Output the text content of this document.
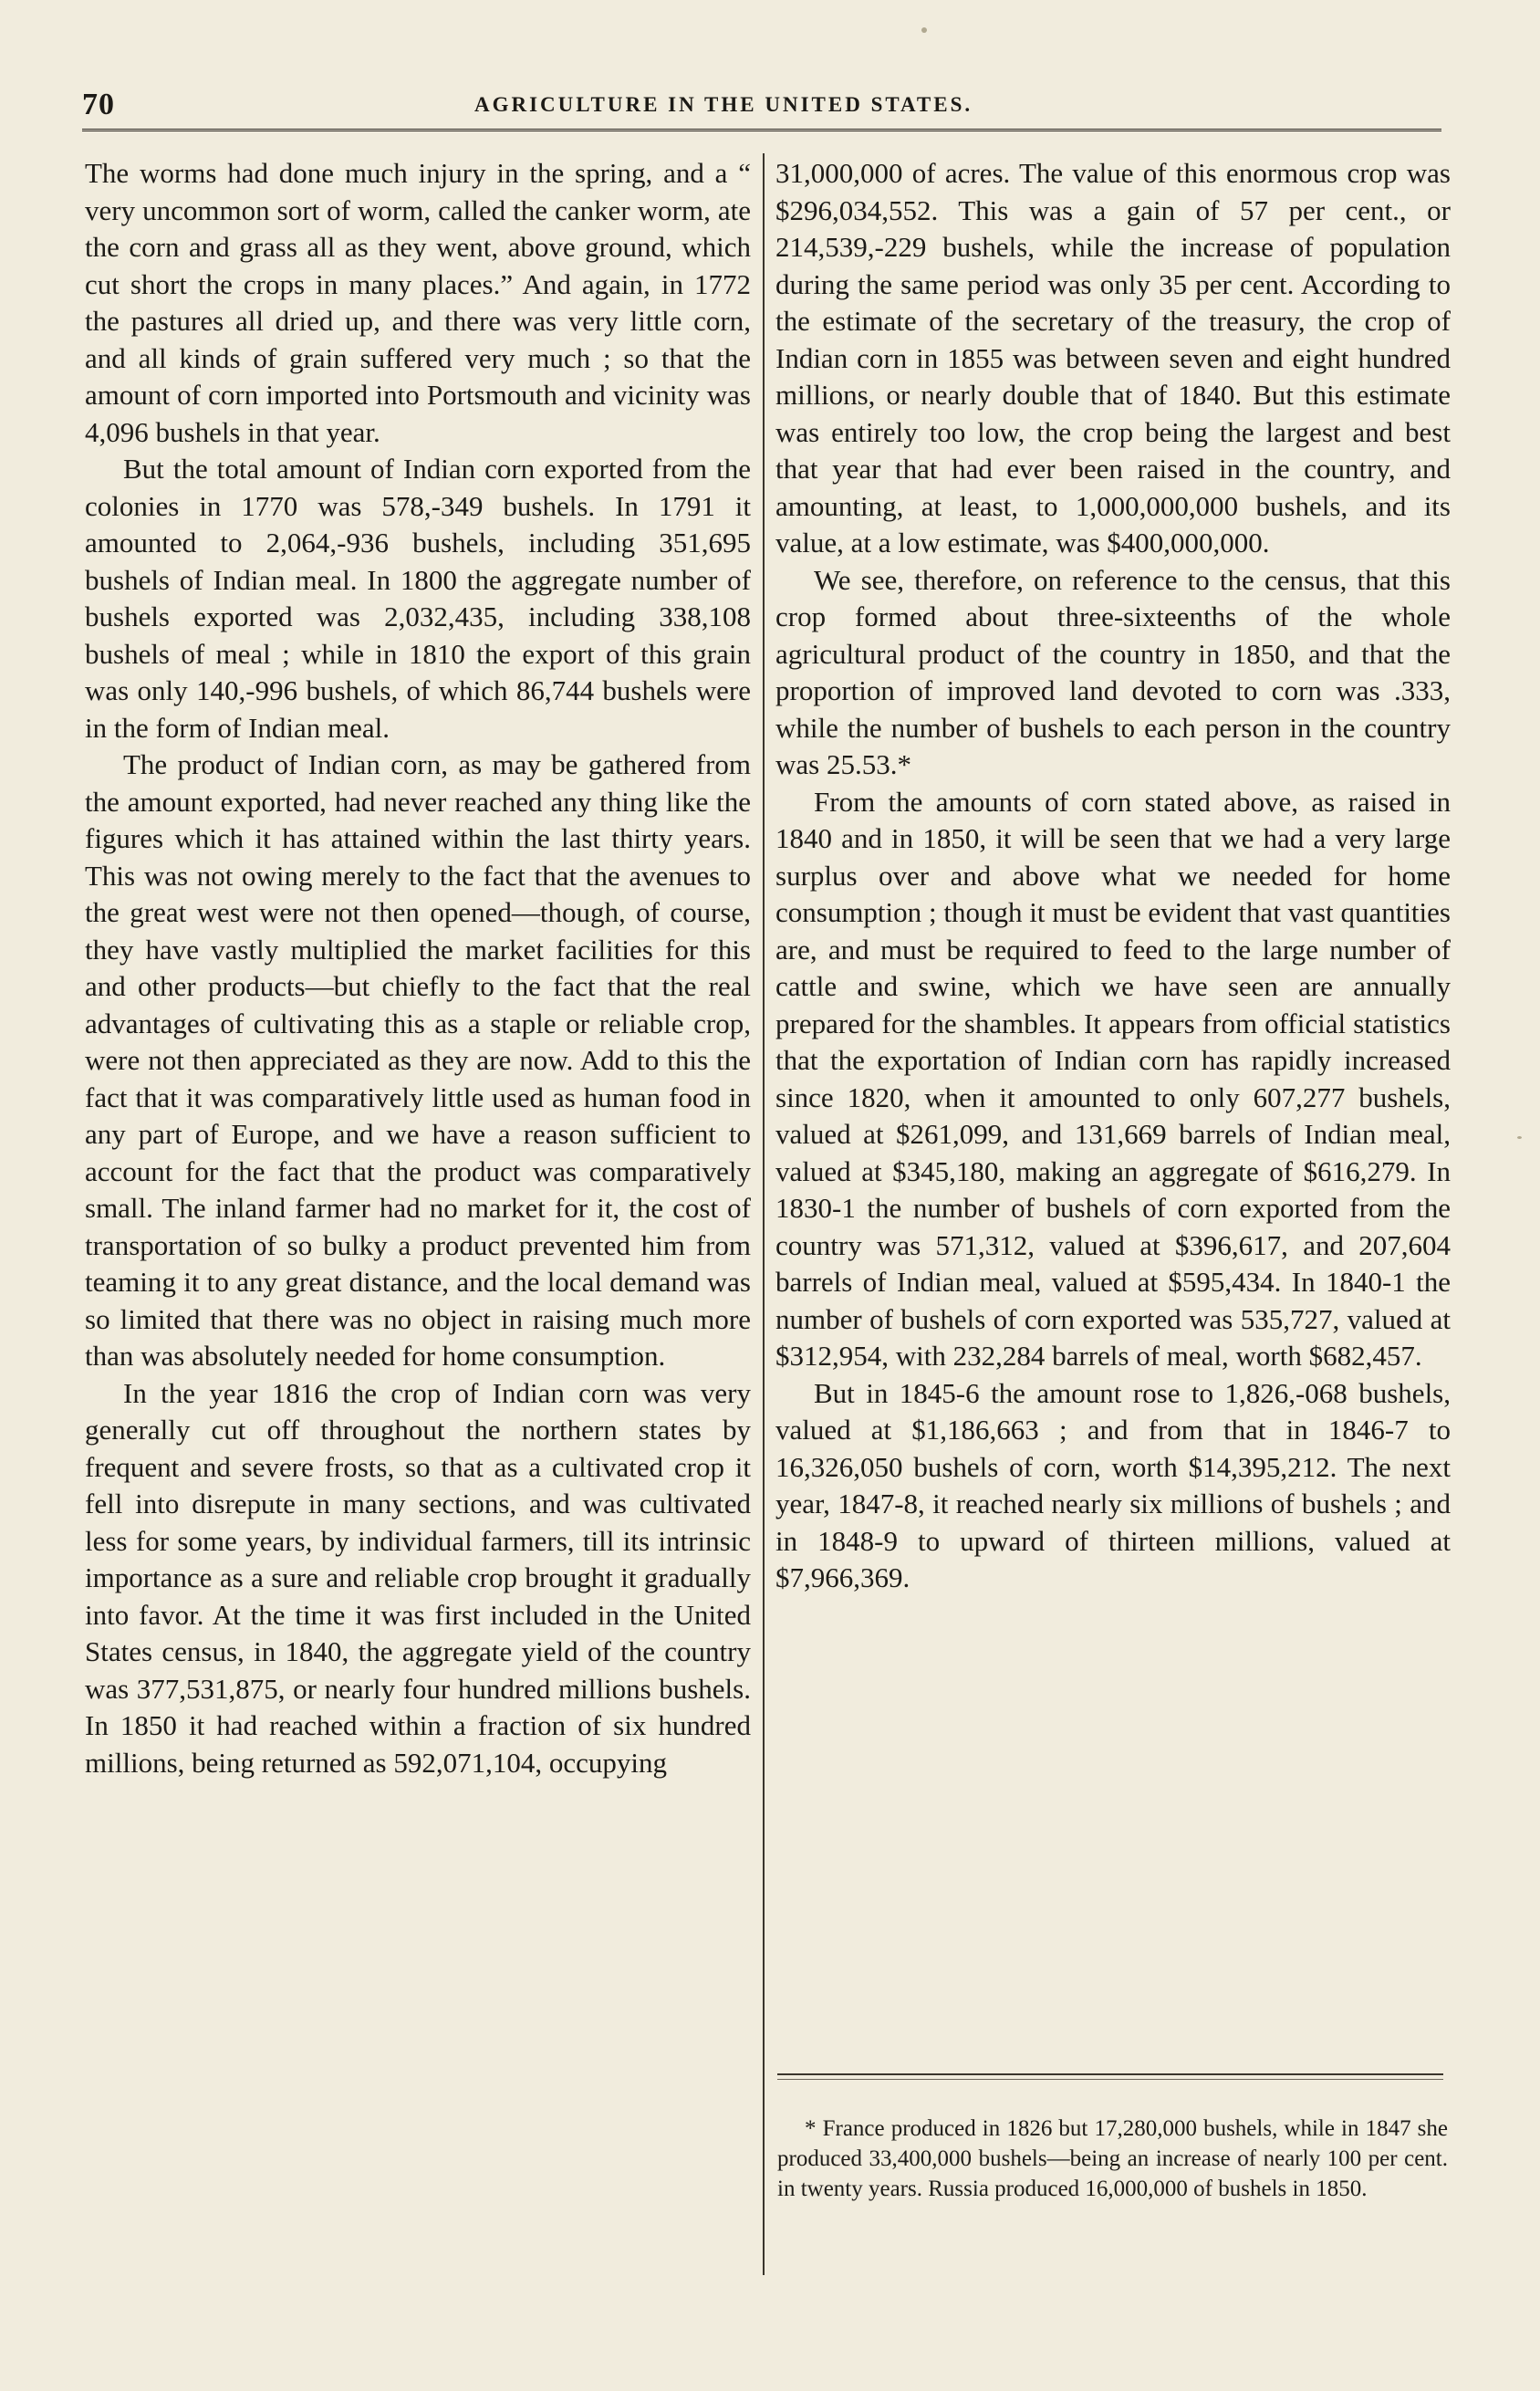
70	AGRICULTURE IN THE UNITED STATES.

The worms had done much injury in the spring, and a “ very uncommon sort of worm, called the canker worm, ate the corn and grass all as they went, above ground, which cut short the crops in many places.” And again, in 1772 the pastures all dried up, and there was very little corn, and all kinds of grain suffered very much ; so that the amount of corn imported into Portsmouth and vicinity was 4,096 bushels in that year.

But the total amount of Indian corn exported from the colonies in 1770 was 578,-349 bushels. In 1791 it amounted to 2,064,-936 bushels, including 351,695 bushels of Indian meal. In 1800 the aggregate number of bushels exported was 2,032,435, including 338,108 bushels of meal ; while in 1810 the export of this grain was only 140,-996 bushels, of which 86,744 bushels were in the form of Indian meal.

The product of Indian corn, as may be gathered from the amount exported, had never reached any thing like the figures which it has attained within the last thirty years. This was not owing merely to the fact that the avenues to the great west were not then opened—though, of course, they have vastly multiplied the market facilities for this and other products—but chiefly to the fact that the real advantages of cultivating this as a staple or reliable crop, were not then appreciated as they are now. Add to this the fact that it was comparatively little used as human food in any part of Europe, and we have a reason sufficient to account for the fact that the product was comparatively small. The inland farmer had no market for it, the cost of transportation of so bulky a product prevented him from teaming it to any great distance, and the local demand was so limited that there was no object in raising much more than was absolutely needed for home consumption.

In the year 1816 the crop of Indian corn was very generally cut off throughout the northern states by frequent and severe frosts, so that as a cultivated crop it fell into disrepute in many sections, and was cultivated less for some years, by individual farmers, till its intrinsic importance as a sure and reliable crop brought it gradually into favor. At the time it was first included in the United States census, in 1840, the aggregate yield of the country was 377,531,875, or nearly four hundred millions bushels. In 1850 it had reached within a fraction of six hundred millions, being returned as 592,071,104, occupying

31,000,000 of acres. The value of this enormous crop was $296,034,552. This was a gain of 57 per cent., or 214,539,-229 bushels, while the increase of population during the same period was only 35 per cent. According to the estimate of the secretary of the treasury, the crop of Indian corn in 1855 was between seven and eight hundred millions, or nearly double that of 1840. But this estimate was entirely too low, the crop being the largest and best that year that had ever been raised in the country, and amounting, at least, to 1,000,000,000 bushels, and its value, at a low estimate, was $400,000,000.

We see, therefore, on reference to the census, that this crop formed about three-sixteenths of the whole agricultural product of the country in 1850, and that the proportion of improved land devoted to corn was .333, while the number of bushels to each person in the country was 25.53.*

From the amounts of corn stated above, as raised in 1840 and in 1850, it will be seen that we had a very large surplus over and above what we needed for home consumption ; though it must be evident that vast quantities are, and must be required to feed to the large number of cattle and swine, which we have seen are annually prepared for the shambles. It appears from official statistics that the exportation of Indian corn has rapidly increased since 1820, when it amounted to only 607,277 bushels, valued at $261,099, and 131,669 barrels of Indian meal, valued at $345,180, making an aggregate of $616,279. In 1830-1 the number of bushels of corn exported from the country was 571,312, valued at $396,617, and 207,604 barrels of Indian meal, valued at $595,434. In 1840-1 the number of bushels of corn exported was 535,727, valued at $312,954, with 232,284 barrels of meal, worth $682,457.

But in 1845-6 the amount rose to 1,826,-068 bushels, valued at $1,186,663 ; and from that in 1846-7 to 16,326,050 bushels of corn, worth $14,395,212. The next year, 1847-8, it reached nearly six millions of bushels ; and in 1848-9 to upward of thirteen millions, valued at $7,966,369.

* France produced in 1826 but 17,280,000 bushels, while in 1847 she produced 33,400,000 bushels—being an increase of nearly 100 per cent. in twenty years. Russia produced 16,000,000 of bushels in 1850.
